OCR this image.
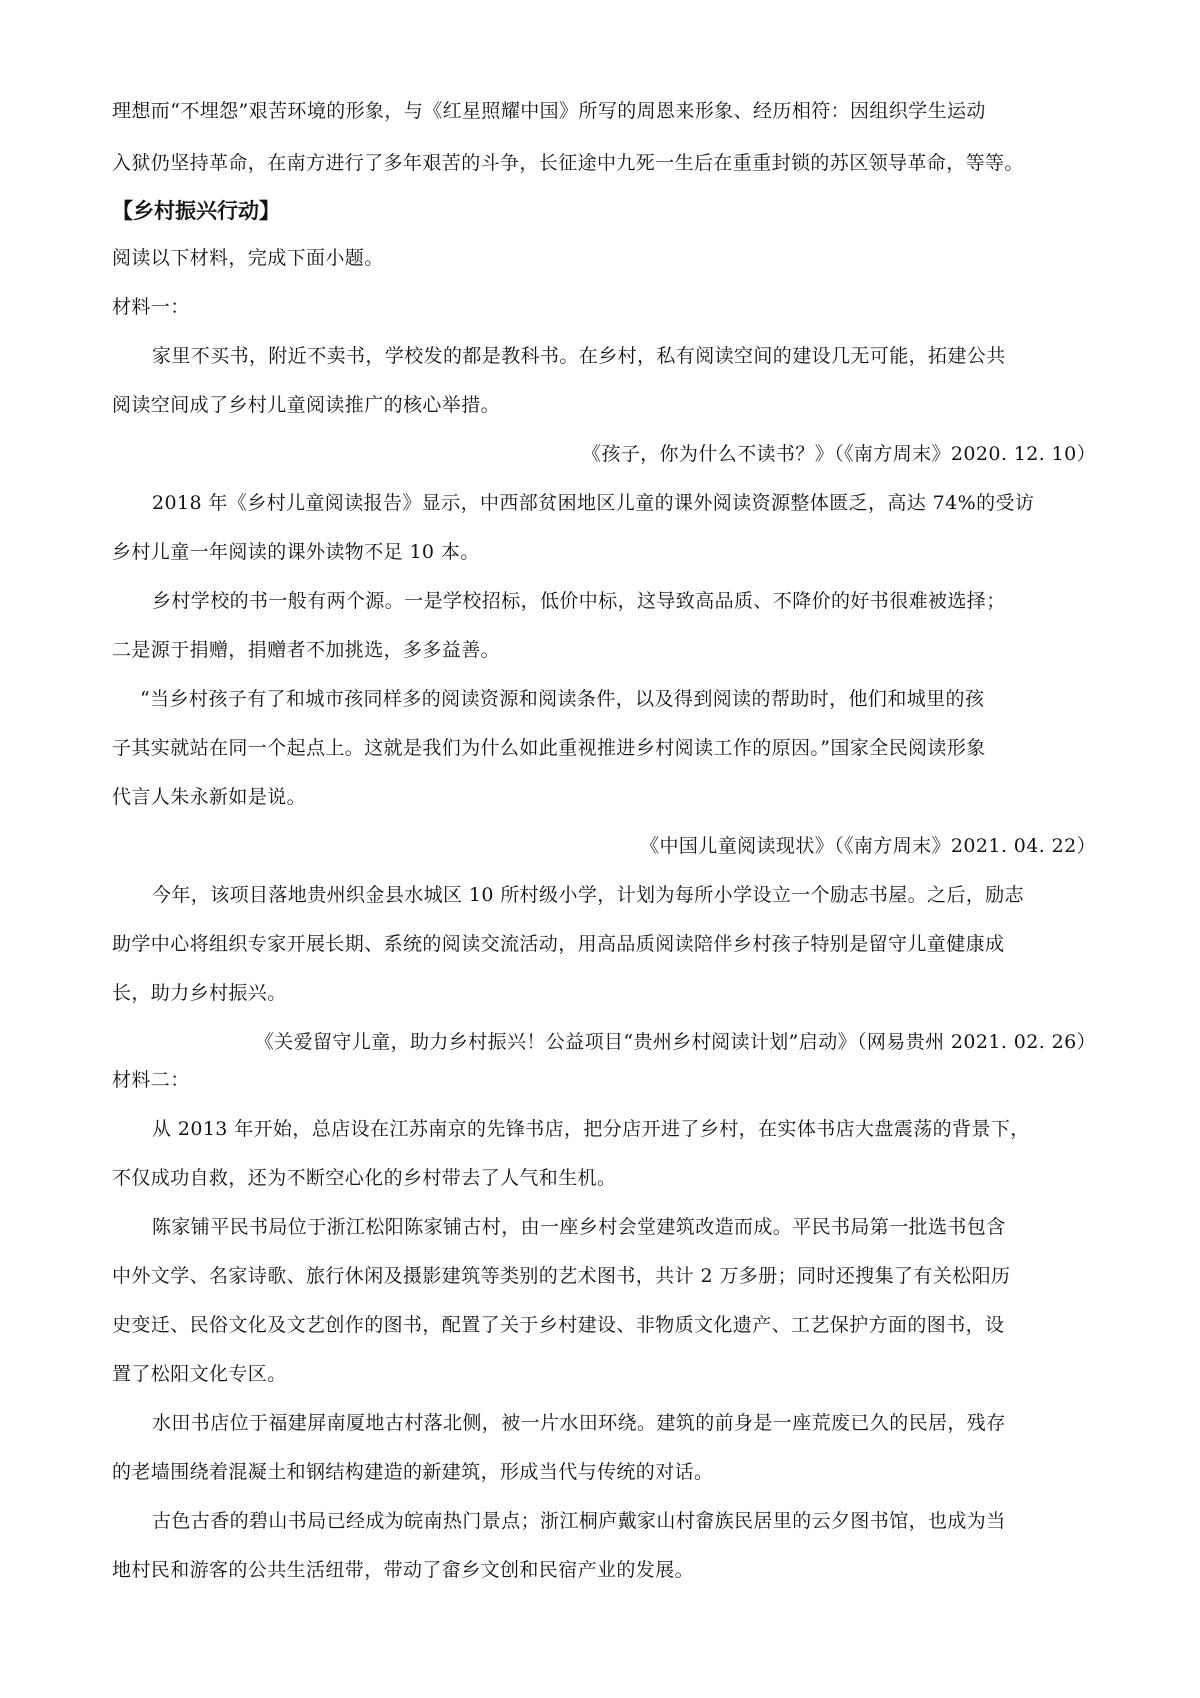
理想而“不埋怨”艰苦环境的形象，与《红星照耀中国》所写的周恩来形象、经历相符：因组织学生运动
入狱仍坚持革命，在南方进行了多年艰苦的斗争，长征途中九死一生后在重重封锁的苏区领导革命，等等。
【乡村振兴行动】
阅读以下材料，完成下面小题。
材料一：
家里不买书，附近不卖书，学校发的都是教科书。在乡村，私有阅读空间的建设几无可能，拓建公共
阅读空间成了乡村儿童阅读推广的核心举措。
《孩子，你为什么不读书？》（《南方周末》2020. 12. 10）
2018 年《乡村儿童阅读报告》显示，中西部贫困地区儿童的课外阅读资源整体匮乏，高达 74%的受访
乡村儿童一年阅读的课外读物不足 10 本。
乡村学校的书一般有两个源。一是学校招标，低价中标，这导致高品质、不降价的好书很难被选择；
二是源于捐赠，捐赠者不加挑选，多多益善。
“当乡村孩子有了和城市孩同样多的阅读资源和阅读条件，以及得到阅读的帮助时，他们和城里的孩
子其实就站在同一个起点上。这就是我们为什么如此重视推进乡村阅读工作的原因。”国家全民阅读形象
代言人朱永新如是说。
《中国儿童阅读现状》（《南方周末》2021. 04. 22）
今年，该项目落地贵州织金县水城区 10 所村级小学，计划为每所小学设立一个励志书屋。之后，励志
助学中心将组织专家开展长期、系统的阅读交流活动，用高品质阅读陪伴乡村孩子特别是留守儿童健康成
长，助力乡村振兴。
《关爱留守儿童，助力乡村振兴！公益项目“贵州乡村阅读计划”启动》（网易贵州 2021. 02. 26）
材料二：
从 2013 年开始，总店设在江苏南京的先锋书店，把分店开进了乡村，在实体书店大盘震荡的背景下，
不仅成功自救，还为不断空心化的乡村带去了人气和生机。
陈家铺平民书局位于浙江松阳陈家铺古村，由一座乡村会堂建筑改造而成。平民书局第一批选书包含
中外文学、名家诗歌、旅行休闲及摄影建筑等类别的艺术图书，共计 2 万多册；同时还搜集了有关松阳历
史变迁、民俗文化及文艺创作的图书，配置了关于乡村建设、非物质文化遗产、工艺保护方面的图书，设
置了松阳文化专区。
水田书店位于福建屏南厦地古村落北侧，被一片水田环绕。建筑的前身是一座荒废已久的民居，残存
的老墙围绕着混凝土和钢结构建造的新建筑，形成当代与传统的对话。
古色古香的碧山书局已经成为皖南热门景点；浙江桐庐戴家山村畲族民居里的云夕图书馆，也成为当
地村民和游客的公共生活纽带，带动了畲乡文创和民宿产业的发展。
